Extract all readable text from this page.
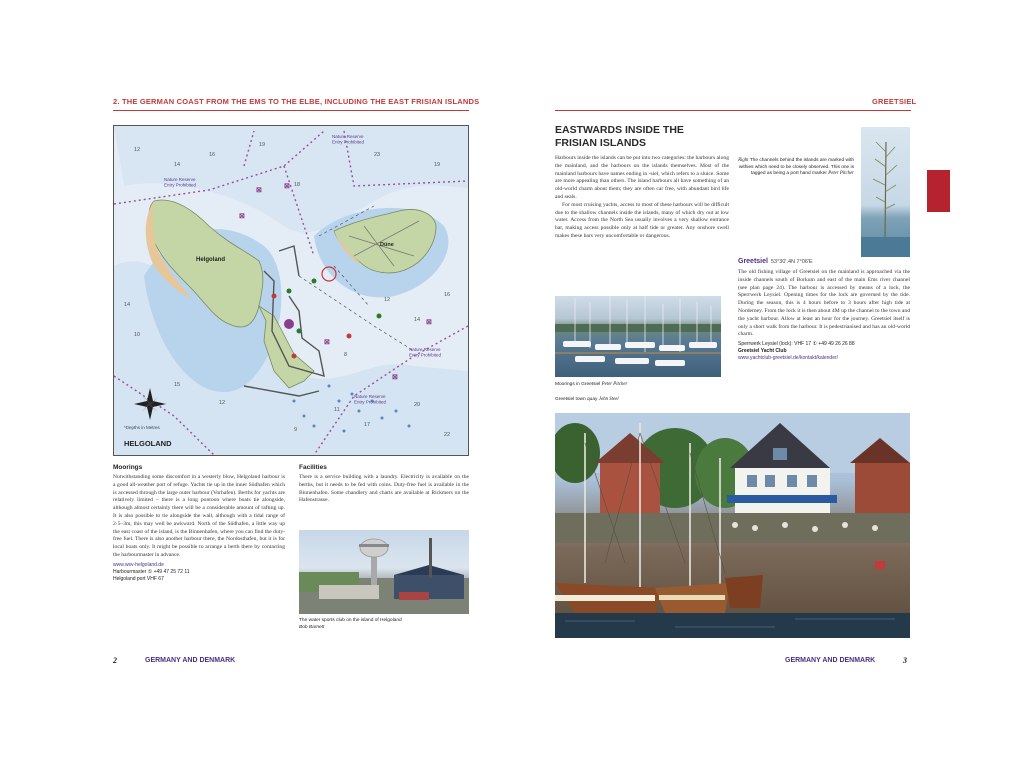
2. THE GERMAN COAST FROM THE EMS TO THE ELBE, INCLUDING THE EAST FRISIAN ISLANDS	GREETSIEL
12
14
16
19
18
23
19
14
10
15
12
8
12
14
16
11
17
20
22
9
⊠
⊠
⊠
⊠
⊠
⊠
Nature Reserve Entry Prohibited
Nature Reserve Entry Prohibited
Nature Reserve Entry Prohibited
Nature Reserve Entry Prohibited
Helgoland
Düne
*Depths in Metres
HELGOLAND
Moorings
Notwithstanding some discomfort in a westerly blow, Helgoland harbour is a good all-weather port of refuge. Yachts tie up in the inner Südhafen which is accessed through the large outer harbour (Vorhafen). Berths for yachts are relatively limited – there is a long pontoon where boats tie alongside, although almost certainly there will be a considerable amount of rafting up. It is also possible to tie alongside the wall, although with a tidal range of 2·5–3m, this may well be awkward. North of the Südhafen, a little way up the east coast of the island, is the Binnenhafen, where you can find the duty-free fuel. There is also another harbour there, the Nordosthafen, but it is for local boats only. It might be possible to arrange a berth there by contacting the harbourmaster in advance.
www.wsv-helgoland.de
Harbourmaster ① +49 47 25 72 11
Helgoland port VHF 67
Facilities
There is a service building with a laundry. Electricity is available on the berths, but it needs to be fed with coins. Duty-free fuel is available in the Binnenhafen. Some chandlery and charts are available at Rickmers on the Hafenstrasse.
The water sports club on the island of Helgoland
Bob Barnett
2	GERMANY AND DENMARK
EASTWARDS INSIDE THE
FRISIAN ISLANDS
Harbours inside the islands can be put into two categories: the harbours along the mainland, and the harbours on the islands themselves. Most of the mainland harbours have names ending in -siel, which refers to a sluice. Some are more appealing than others. The island harbours all have something of an old-world charm about them; they are often car free, with abundant bird life and seals.
For most cruising yachts, access to most of these harbours will be difficult due to the shallow channels inside the islands, many of which dry out at low water. Access from the North Sea usually involves a very shallow entrance bar, making access possible only at half tide or greater. Any onshore swell makes these bars very uncomfortable or dangerous.
Moorings in Greetsiel Peter Pitcher
Greetsiel town quay John Steel
Right The channels behind the islands are marked with withies which need to be closely observed. This one is tagged as being a port hand marker Peter Pitcher
Greetsiel 53°30'.4N 7°06'E
The old fishing village of Greetsiel on the mainland is approached via the inside channels south of Borkum and east of the main Ems river channel (see plan page 24). The harbour is accessed by means of a lock, the Sperrwerk Leysiel. Opening times for the lock are governed by the tide. During the season, this is 4 hours before to 3 hours after high tide at Norderney. From the lock it is then about 4M up the channel to the town and the yacht harbour. Allow at least an hour for the journey. Greetsiel itself is only a short walk from the harbour. It is pedestrianised and has an old-world charm.
Sperrwerk Leysiel (lock): VHF 17 ① +49 49 26 26 88
Greetsiel Yacht Club
www.yachtclub-greetsiel.de/kontakt/kalender/
GERMANY AND DENMARK	3
